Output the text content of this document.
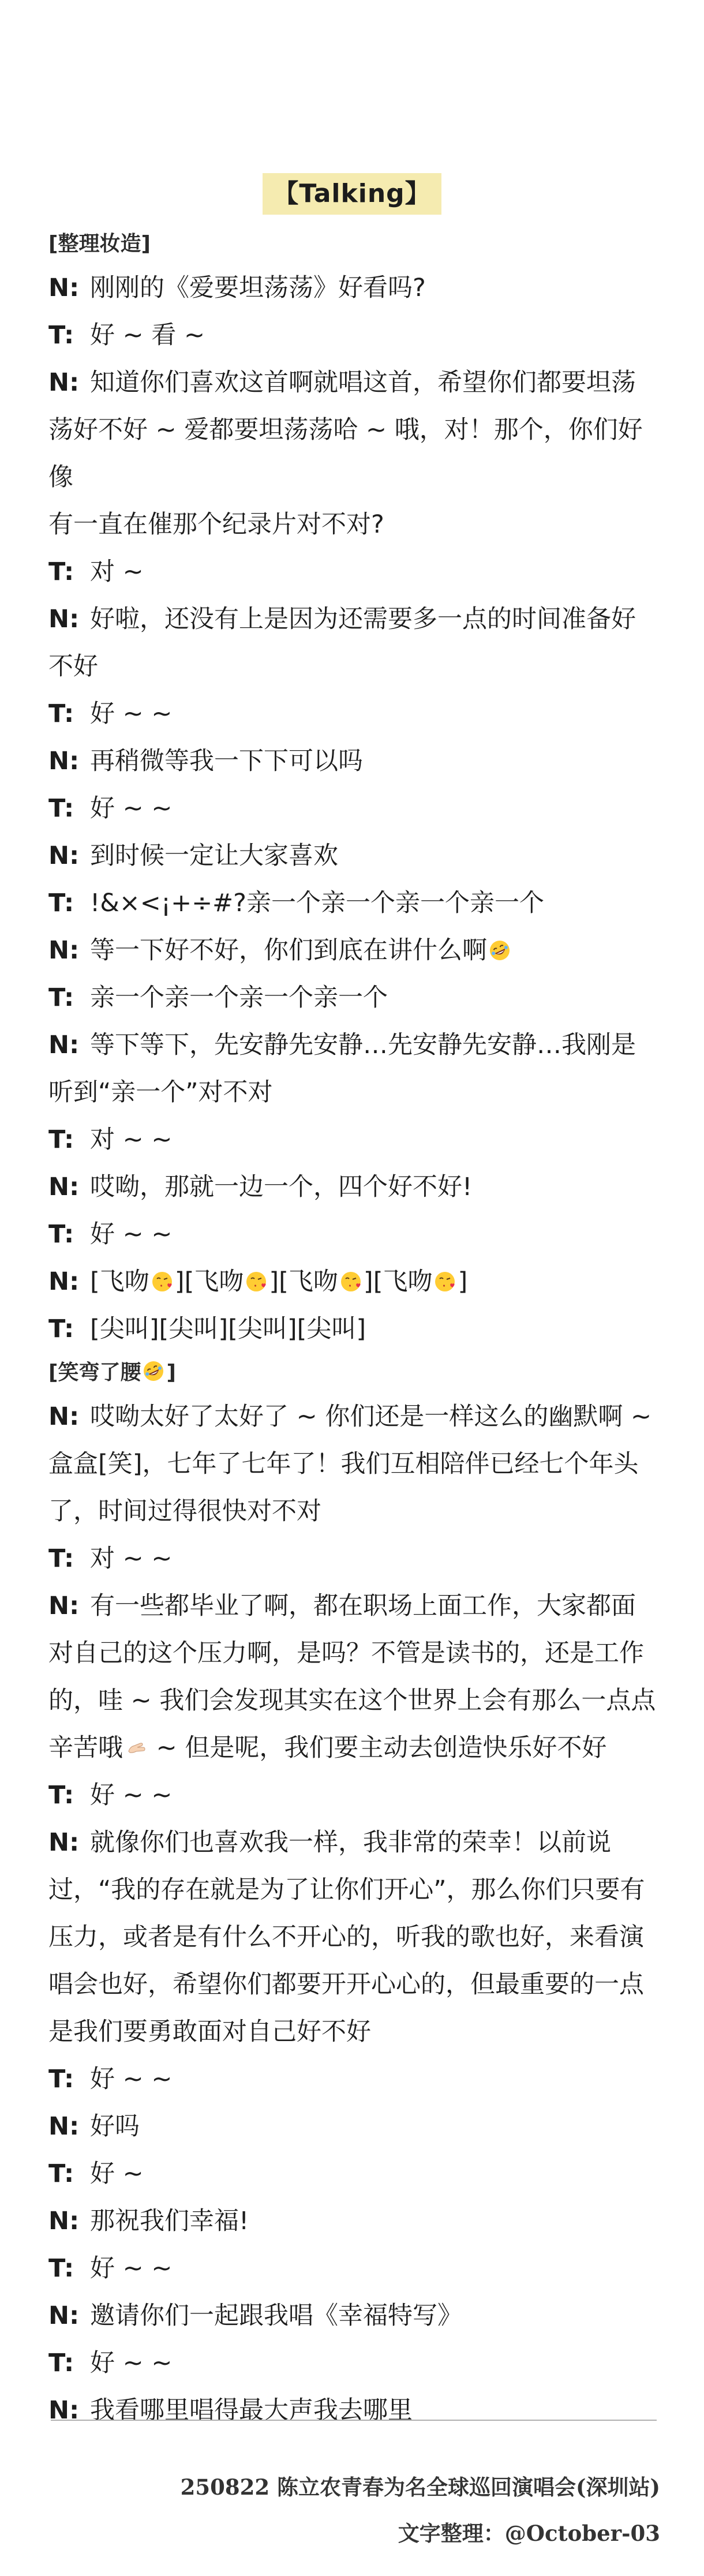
【Talking】

[整理妆造]

N: 刚刚的《爱要坦荡荡》好看吗?

T: 好 ~ 看 ~

N: 知道你们喜欢这首啊就唱这首，希望你们都要坦荡

荡好不好 ~ 爱都要坦荡荡哈 ~ 哦，对！那个，你们好像

有一直在催那个纪录片对不对?

T: 对 ~

N: 好啦，还没有上是因为还需要多一点的时间准备好

不好

T: 好 ~ ~

N: 再稍微等我一下下可以吗

T: 好 ~ ~

N: 到时候一定让大家喜欢

T: !&×<¡+÷#?亲一个亲一个亲一个亲一个

N: 等一下好不好，你们到底在讲什么啊

T: 亲一个亲一个亲一个亲一个

N: 等下等下，先安静先安静…先安静先安静…我刚是

听到“亲一个”对不对

T: 对 ~ ~

N: 哎呦，那就一边一个，四个好不好!

T: 好 ~ ~

N: [飞吻 ][飞吻 ][飞吻 ][飞吻 ]

T: [尖叫][尖叫][尖叫][尖叫]

[笑弯了腰 ]

N: 哎呦太好了太好了 ~ 你们还是一样这么的幽默啊 ~

盒盒[笑]，七年了七年了！我们互相陪伴已经七个年头

了，时间过得很快对不对

T: 对 ~ ~

N: 有一些都毕业了啊，都在职场上面工作，大家都面

对自己的这个压力啊，是吗？不管是读书的，还是工作

的，哇 ~ 我们会发现其实在这个世界上会有那么一点点

辛苦哦 ~ 但是呢，我们要主动去创造快乐好不好

T: 好 ~ ~

N: 就像你们也喜欢我一样，我非常的荣幸！以前说

过，“我的存在就是为了让你们开心”，那么你们只要有

压力，或者是有什么不开心的，听我的歌也好，来看演

唱会也好，希望你们都要开开心心的，但最重要的一点

是我们要勇敢面对自己好不好

T: 好 ~ ~

N: 好吗

T: 好 ~

N: 那祝我们幸福!

T: 好 ~ ~

N: 邀请你们一起跟我唱《幸福特写》

T: 好 ~ ~

N: 我看哪里唱得最大声我去哪里

250822 陈立农青春为名全球巡回演唱会(深圳站)
文字整理：@October-03
